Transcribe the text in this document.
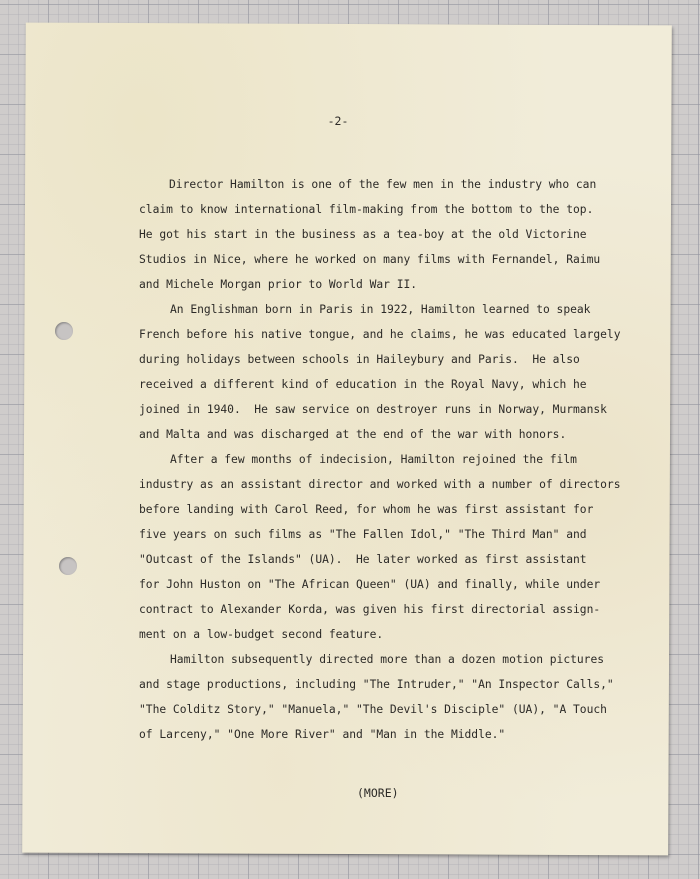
-2-
Director Hamilton is one of the few men in the industry who can
claim to know international film-making from the bottom to the top.
He got his start in the business as a tea-boy at the old Victorine
Studios in Nice, where he worked on many films with Fernandel, Raimu
and Michele Morgan prior to World War II.
An Englishman born in Paris in 1922, Hamilton learned to speak
French before his native tongue, and he claims, he was educated largely
during holidays between schools in Haileybury and Paris.  He also
received a different kind of education in the Royal Navy, which he
joined in 1940.  He saw service on destroyer runs in Norway, Murmansk
and Malta and was discharged at the end of the war with honors.
After a few months of indecision, Hamilton rejoined the film
industry as an assistant director and worked with a number of directors
before landing with Carol Reed, for whom he was first assistant for
five years on such films as "The Fallen Idol," "The Third Man" and
"Outcast of the Islands" (UA).  He later worked as first assistant
for John Huston on "The African Queen" (UA) and finally, while under
contract to Alexander Korda, was given his first directorial assign-
ment on a low-budget second feature.
Hamilton subsequently directed more than a dozen motion pictures
and stage productions, including "The Intruder," "An Inspector Calls,"
"The Colditz Story," "Manuela," "The Devil's Disciple" (UA), "A Touch
of Larceny," "One More River" and "Man in the Middle."
(MORE)
